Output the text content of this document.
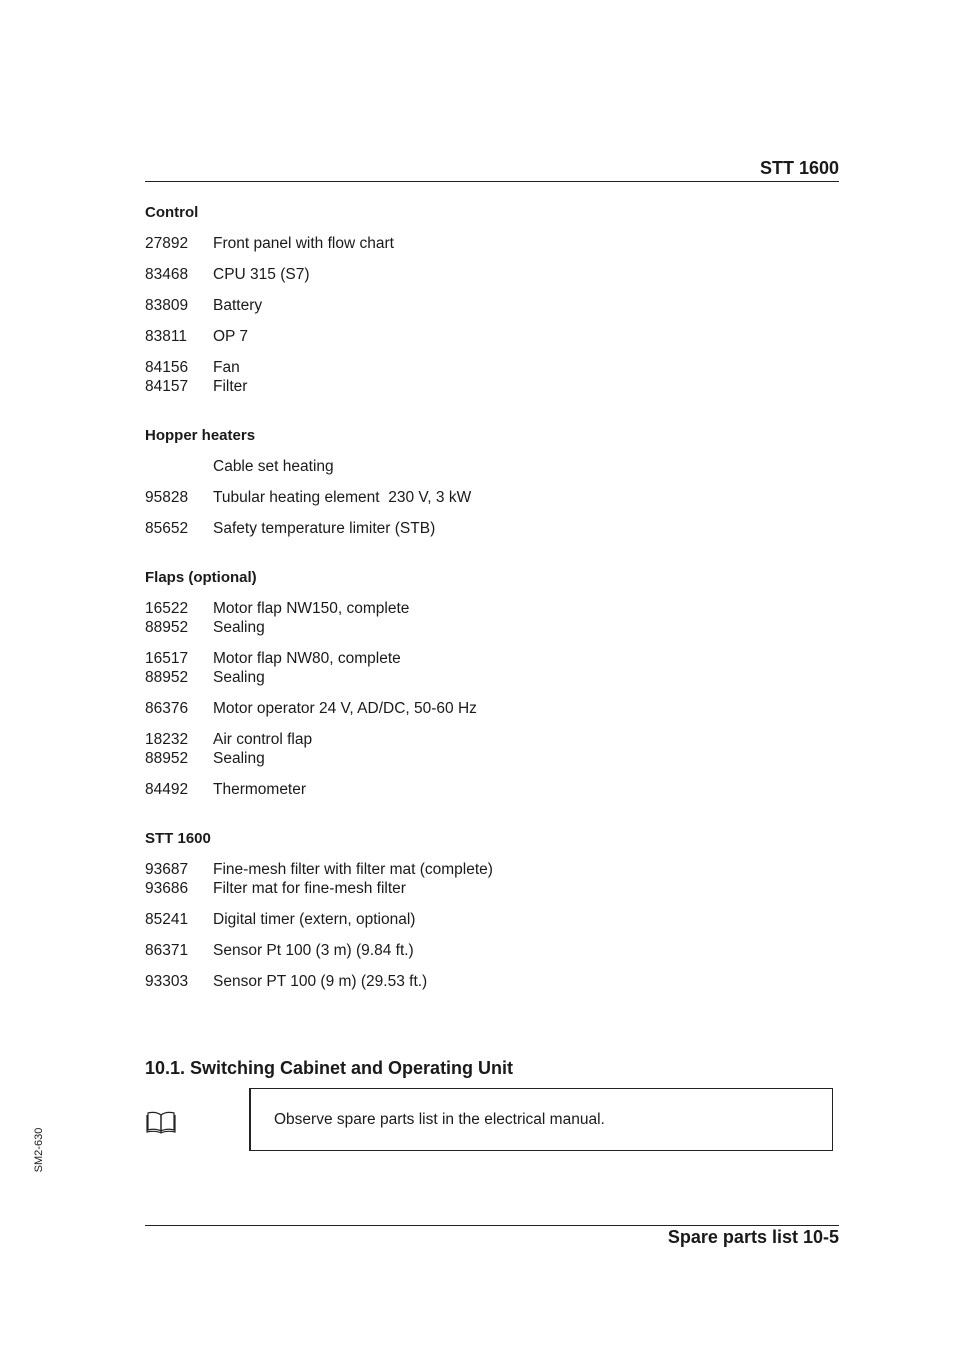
STT 1600
Control
27892	Front panel with flow chart
83468	CPU 315 (S7)
83809	Battery
83811	OP 7
84156	Fan
84157	Filter
Hopper heaters
Cable set heating
95828	Tubular heating element  230 V, 3 kW
85652	Safety temperature limiter (STB)
Flaps (optional)
16522	Motor flap NW150, complete
88952	Sealing
16517	Motor flap NW80, complete
88952	Sealing
86376	Motor operator 24 V, AD/DC, 50-60 Hz
18232	Air control flap
88952	Sealing
84492	Thermometer
STT 1600
93687	Fine-mesh filter with filter mat (complete)
93686	Filter mat for fine-mesh filter
85241	Digital timer (extern, optional)
86371	Sensor Pt 100 (3 m) (9.84 ft.)
93303	Sensor PT 100 (9 m) (29.53 ft.)
10.1. Switching Cabinet and Operating Unit
Observe spare parts list in the electrical manual.
SM2-630
Spare parts list 10-5
